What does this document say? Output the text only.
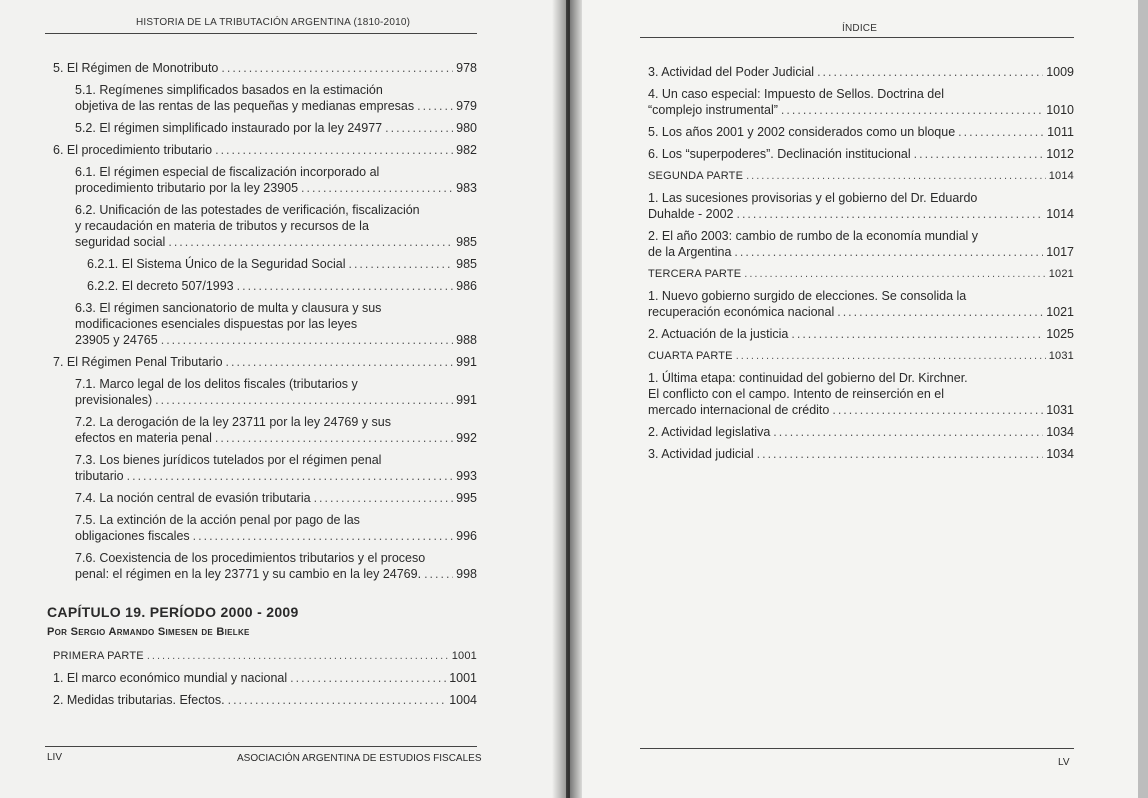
HISTORIA DE LA TRIBUTACIÓN ARGENTINA (1810-2010)
5. El Régimen de Monotributo .....	978
5.1. Regímenes simplificados basados en la estimación
objetiva de las rentas de las pequeñas y medianas empresas .....	979
5.2. El régimen simplificado instaurado por la ley 24977 .....	980
6. El procedimiento tributario .....	982
6.1. El régimen especial de fiscalización incorporado al
procedimiento tributario por la ley 23905 .....	983
6.2. Unificación de las potestades de verificación, fiscalización
y recaudación en materia de tributos y recursos de la
seguridad social .....	985
6.2.1. El Sistema Único de la Seguridad Social .....	985
6.2.2. El decreto 507/1993 .....	986
6.3. El régimen sancionatorio de multa y clausura y sus
modificaciones esenciales dispuestas por las leyes
23905 y 24765 .....	988
7. El Régimen Penal Tributario .....	991
7.1. Marco legal de los delitos fiscales (tributarios y
previsionales) .....	991
7.2. La derogación de la ley 23711 por la ley 24769 y sus
efectos en materia penal .....	992
7.3. Los bienes jurídicos tutelados por el régimen penal
tributario .....	993
7.4. La noción central de evasión tributaria .....	995
7.5. La extinción de la acción penal por pago de las
obligaciones fiscales .....	996
7.6. Coexistencia de los procedimientos tributarios y el proceso
penal: el régimen en la ley 23771 y su cambio en la ley 24769. .....	998
CAPÍTULO 19. PERÍODO 2000 - 2009
Por Sergio Armando Simesen de Bielke
PRIMERA PARTE .....	1001
1. El marco económico mundial y nacional .....	1001
2. Medidas tributarias. Efectos. .....	1004
LIV	ASOCIACIÓN ARGENTINA DE ESTUDIOS FISCALES
ÍNDICE
3. Actividad del Poder Judicial .....	1009
4. Un caso especial: Impuesto de Sellos. Doctrina del
“complejo instrumental” .....	1010
5. Los años 2001 y 2002 considerados como un bloque .....	1011
6. Los “superpoderes”. Declinación institucional .....	1012
SEGUNDA PARTE .....	1014
1. Las sucesiones provisorias y el gobierno del Dr. Eduardo
Duhalde - 2002 .....	1014
2. El año 2003: cambio de rumbo de la economía mundial y
de la Argentina .....	1017
TERCERA PARTE .....	1021
1. Nuevo gobierno surgido de elecciones. Se consolida la
recuperación económica nacional .....	1021
2. Actuación de la justicia .....	1025
CUARTA PARTE .....	1031
1. Última etapa: continuidad del gobierno del Dr. Kirchner.
El conflicto con el campo. Intento de reinserción en el
mercado internacional de crédito .....	1031
2. Actividad legislativa .....	1034
3. Actividad judicial .....	1034
LV
